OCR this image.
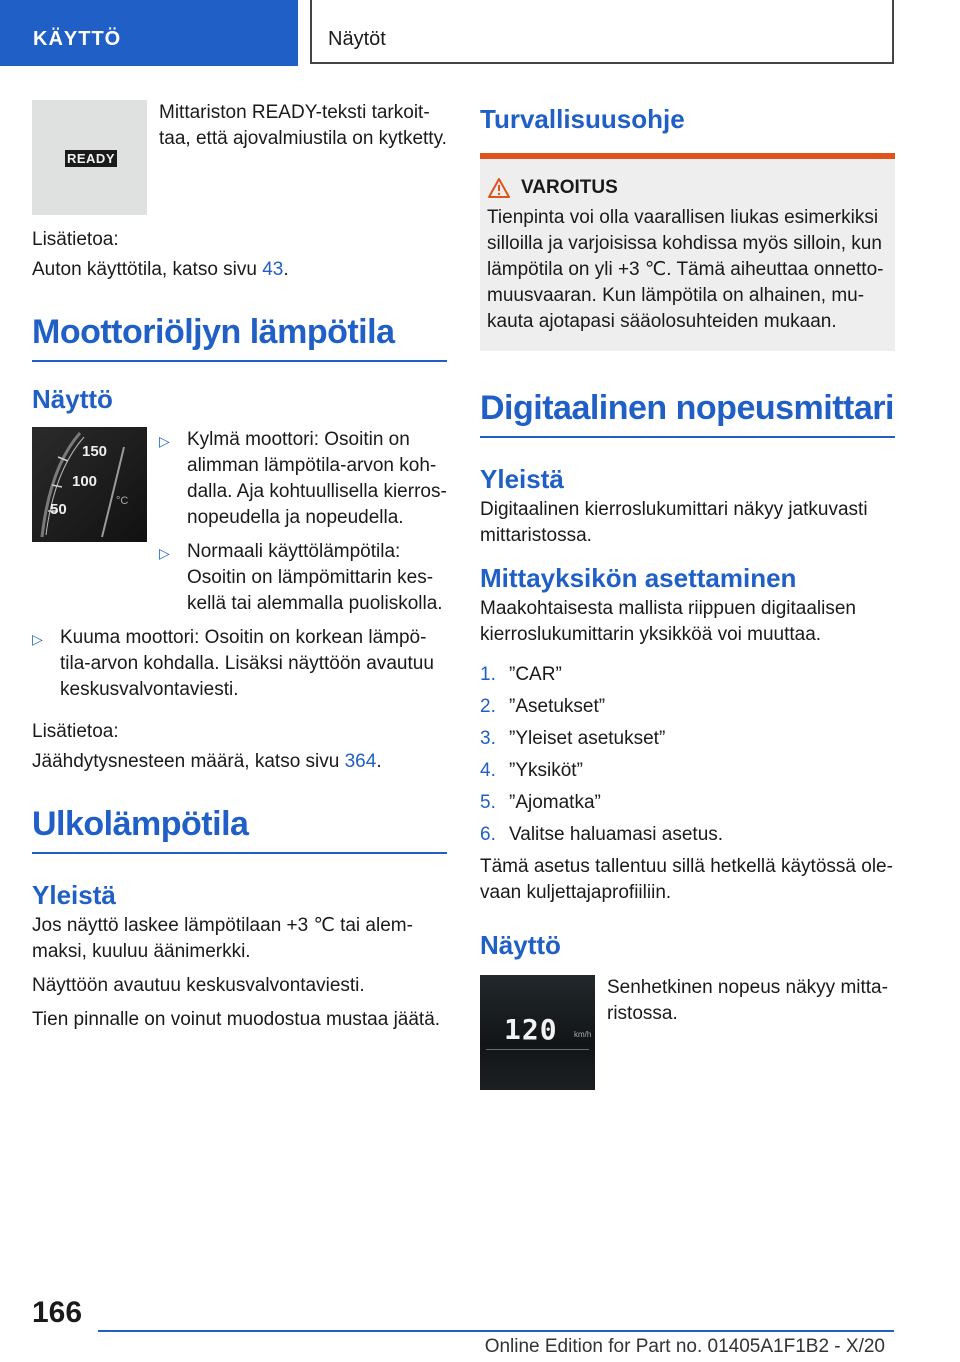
KÄYTTÖ	Näytöt
READY

Mittariston READY-teksti tarkoit- taa, että ajovalmiustila on kytketty.

Lisätietoa:

Auton käyttötila, katso sivu 43.

Moottoriöljyn lämpötila
Näyttö
150
100
50	°C
▷ Kylmä moottori: Osoitin on alimman lämpötila-arvon koh- dalla. Aja kohtuullisella kierros- nopeudella ja nopeudella.
▷ Normaali käyttölämpötila: Osoitin on lämpömittarin kes- kellä tai alemmalla puoliskolla.
▷ Kuuma moottori: Osoitin on korkean lämpö- tila-arvon kohdalla. Lisäksi näyttöön avautuu keskusvalvontaviesti.

Lisätietoa:

Jäähdytysnesteen määrä, katso sivu 364.

Ulkolämpötila
Yleistä

Jos näyttö laskee lämpötilaan +3 ℃ tai alem- maksi, kuuluu äänimerkki.

Näyttöön avautuu keskusvalvontaviesti.

Tien pinnalle on voinut muodostua mustaa jäätä.

Turvallisuusohje
VAROITUS

Tienpinta voi olla vaarallisen liukas esimerkiksi silloilla ja varjoisissa kohdissa myös silloin, kun lämpötila on yli +3 ℃. Tämä aiheuttaa onnetto- muusvaaran. Kun lämpötila on alhainen, mu- kauta ajotapasi sääolosuhteiden mukaan.

Digitaalinen nopeusmittari
Yleistä

Digitaalinen kierroslukumittari näkyy jatkuvasti mittaristossa.

Mittayksikön asettaminen

Maakohtaisesta mallista riippuen digitaalisen kierroslukumittarin yksikköä voi muuttaa.

1. ”CAR”
2. ”Asetukset”
3. ”Yleiset asetukset”
4. ”Yksiköt”
5. ”Ajomatka”
6. Valitse haluamasi asetus.

Tämä asetus tallentuu sillä hetkellä käytössä ole- vaan kuljettajaprofiiliin.

Näyttö
120 km/h

Senhetkinen nopeus näkyy mitta- ristossa.

166
Online Edition for Part no. 01405A1F1B2 - X/20
